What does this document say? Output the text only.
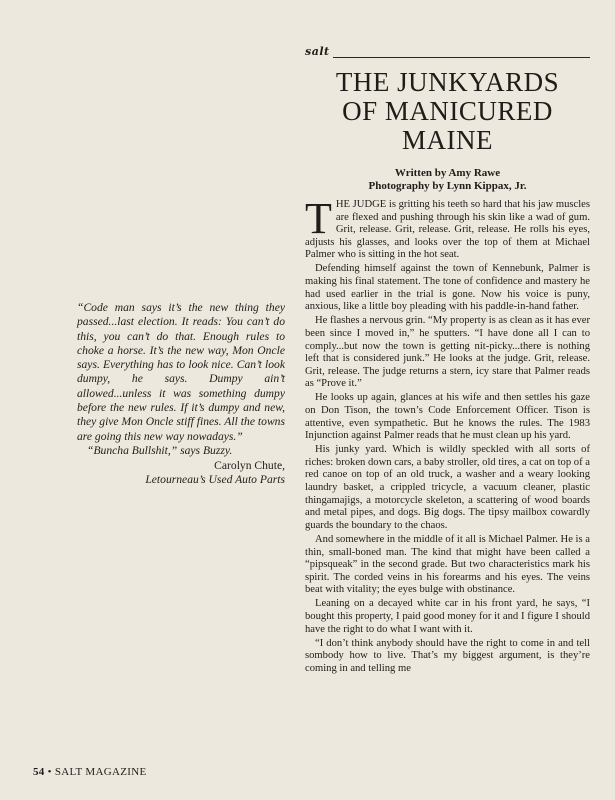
salt
THE JUNKYARDS
OF MANICURED
MAINE
Written by Amy Rawe
Photography by Lynn Kippax, Jr.

THE JUDGE is gritting his teeth so hard that his jaw muscles are flexed and pushing through his skin like a wad of gum. Grit, release. Grit, release. Grit, release. He rolls his eyes, adjusts his glasses, and looks over the top of them at Michael Palmer who is sitting in the hot seat.

Defending himself against the town of Kennebunk, Palmer is making his final statement. The tone of confidence and mastery he had used earlier in the trial is gone. Now his voice is puny, anxious, like a little boy pleading with his paddle-in-hand father.

He flashes a nervous grin. “My property is as clean as it has ever been since I moved in,” he sputters. “I have done all I can to comply...but now the town is getting nit-picky...there is nothing left that is considered junk.” He looks at the judge. Grit, release. Grit, release. The judge returns a stern, icy stare that Palmer reads as “Prove it.”

He looks up again, glances at his wife and then settles his gaze on Don Tison, the town’s Code Enforcement Officer. Tison is attentive, even sympathetic. But he knows the rules. The 1983 Injunction against Palmer reads that he must clean up his yard.

His junky yard. Which is wildly speckled with all sorts of riches: broken down cars, a baby stroller, old tires, a cat on top of a red canoe on top of an old truck, a washer and a weary looking laundry basket, a crippled tricycle, a vacuum cleaner, plastic thingamajigs, a motorcycle skeleton, a scattering of wood boards and metal pipes, and dogs. Big dogs. The tipsy mailbox cowardly guards the boundary to the chaos.

And somewhere in the middle of it all is Michael Palmer. He is a thin, small-boned man. The kind that might have been called a “pipsqueak” in the second grade. But two characteristics mark his spirit. The corded veins in his forearms and his eyes. The veins beat with vitality; the eyes bulge with obstinance.

Leaning on a decayed white car in his front yard, he says, “I bought this property, I paid good money for it and I figure I should have the right to do what I want with it.

“I don’t think anybody should have the right to come in and tell sombody how to live. That’s my biggest argument, is they’re coming in and telling me

“Code man says it’s the new thing they passed...last election. It reads: You can’t do this, you can’t do that. Enough rules to choke a horse. It’s the new way, Mon Oncle says. Everything has to look nice. Can’t look dumpy, he says. Dumpy ain’t allowed...unless it was something dumpy before the new rules. If it’s dumpy and new, they give Mon Oncle stiff fines. All the towns are going this new way nowadays.”

“Buncha Bullshit,” says Buzzy.

Carolyn Chute,
Letourneau’s Used Auto Parts
54 • SALT MAGAZINE
